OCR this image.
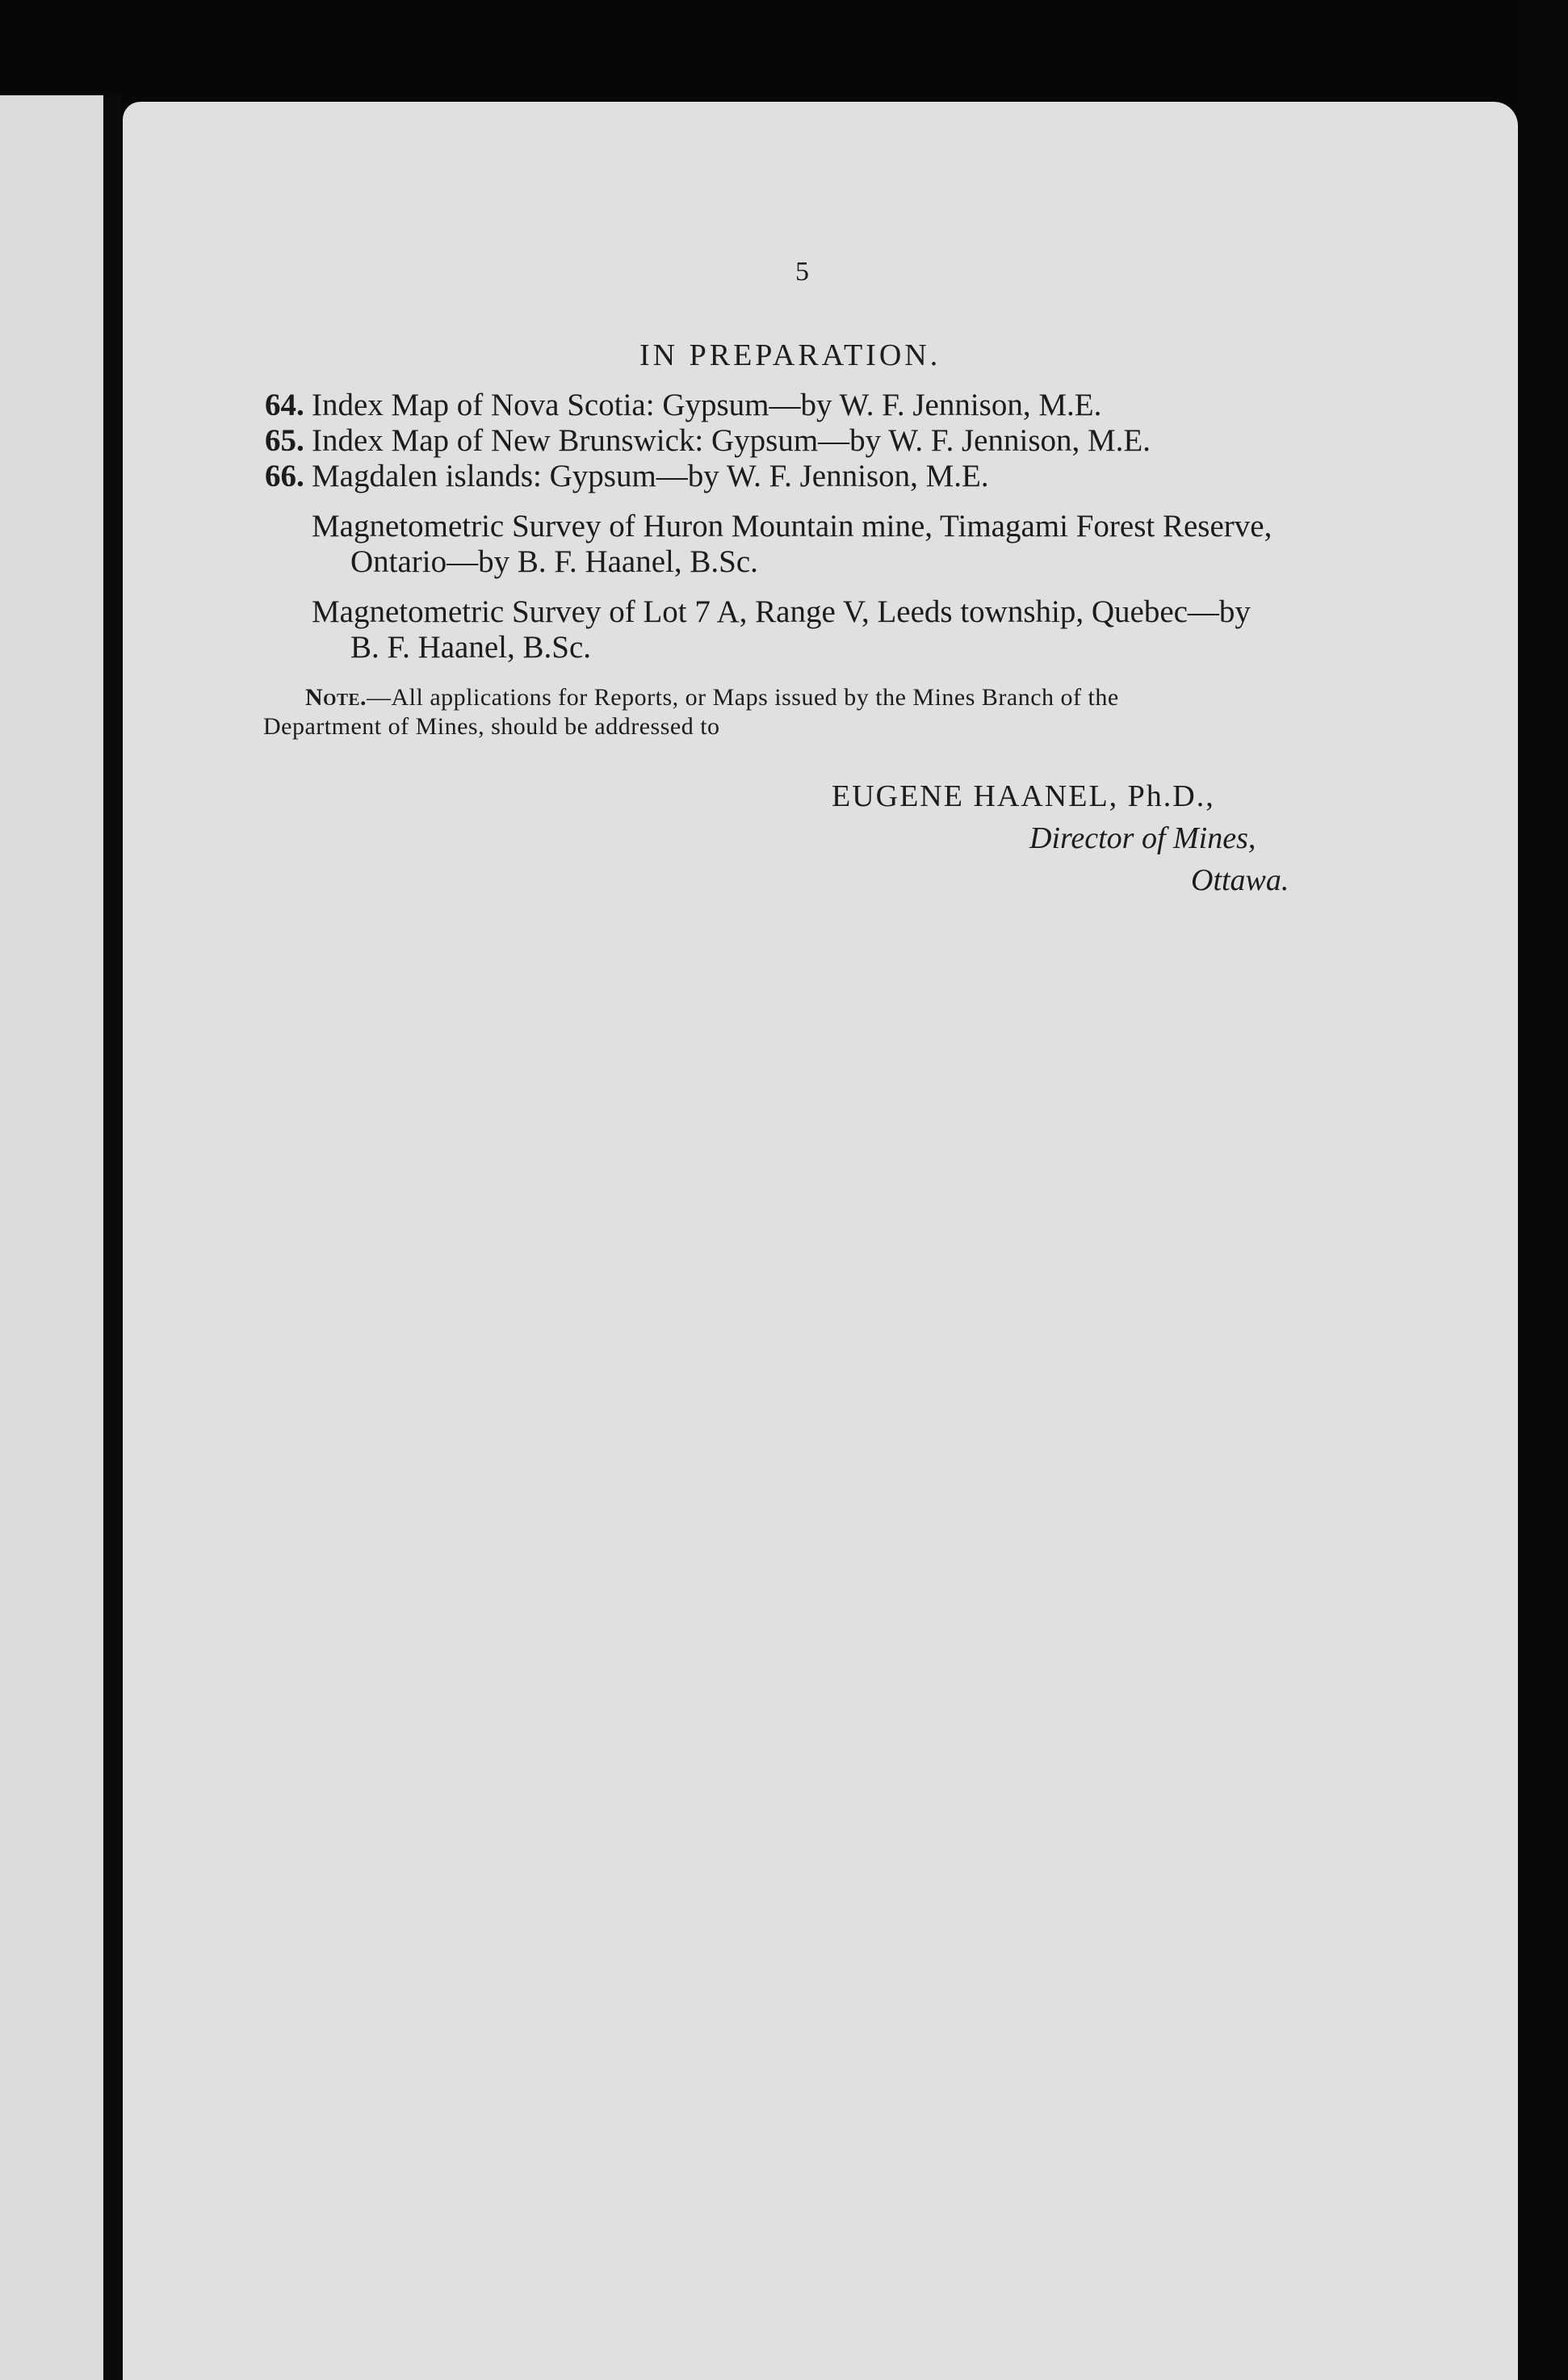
5
IN PREPARATION.

64. Index Map of Nova Scotia: Gypsum—by W. F. Jennison, M.E.

65. Index Map of New Brunswick: Gypsum—by W. F. Jennison, M.E.

66. Magdalen islands: Gypsum—by W. F. Jennison, M.E.

Magnetometric Survey of Huron Mountain mine, Timagami Forest Reserve,
Ontario—by B. F. Haanel, B.Sc.
Magnetometric Survey of Lot 7 A, Range V, Leeds township, Quebec—by
B. F. Haanel, B.Sc.
Note.—All applications for Reports, or Maps issued by the Mines Branch of the
Department of Mines, should be addressed to
EUGENE HAANEL, Ph.D.,
Director of Mines,
Ottawa.
